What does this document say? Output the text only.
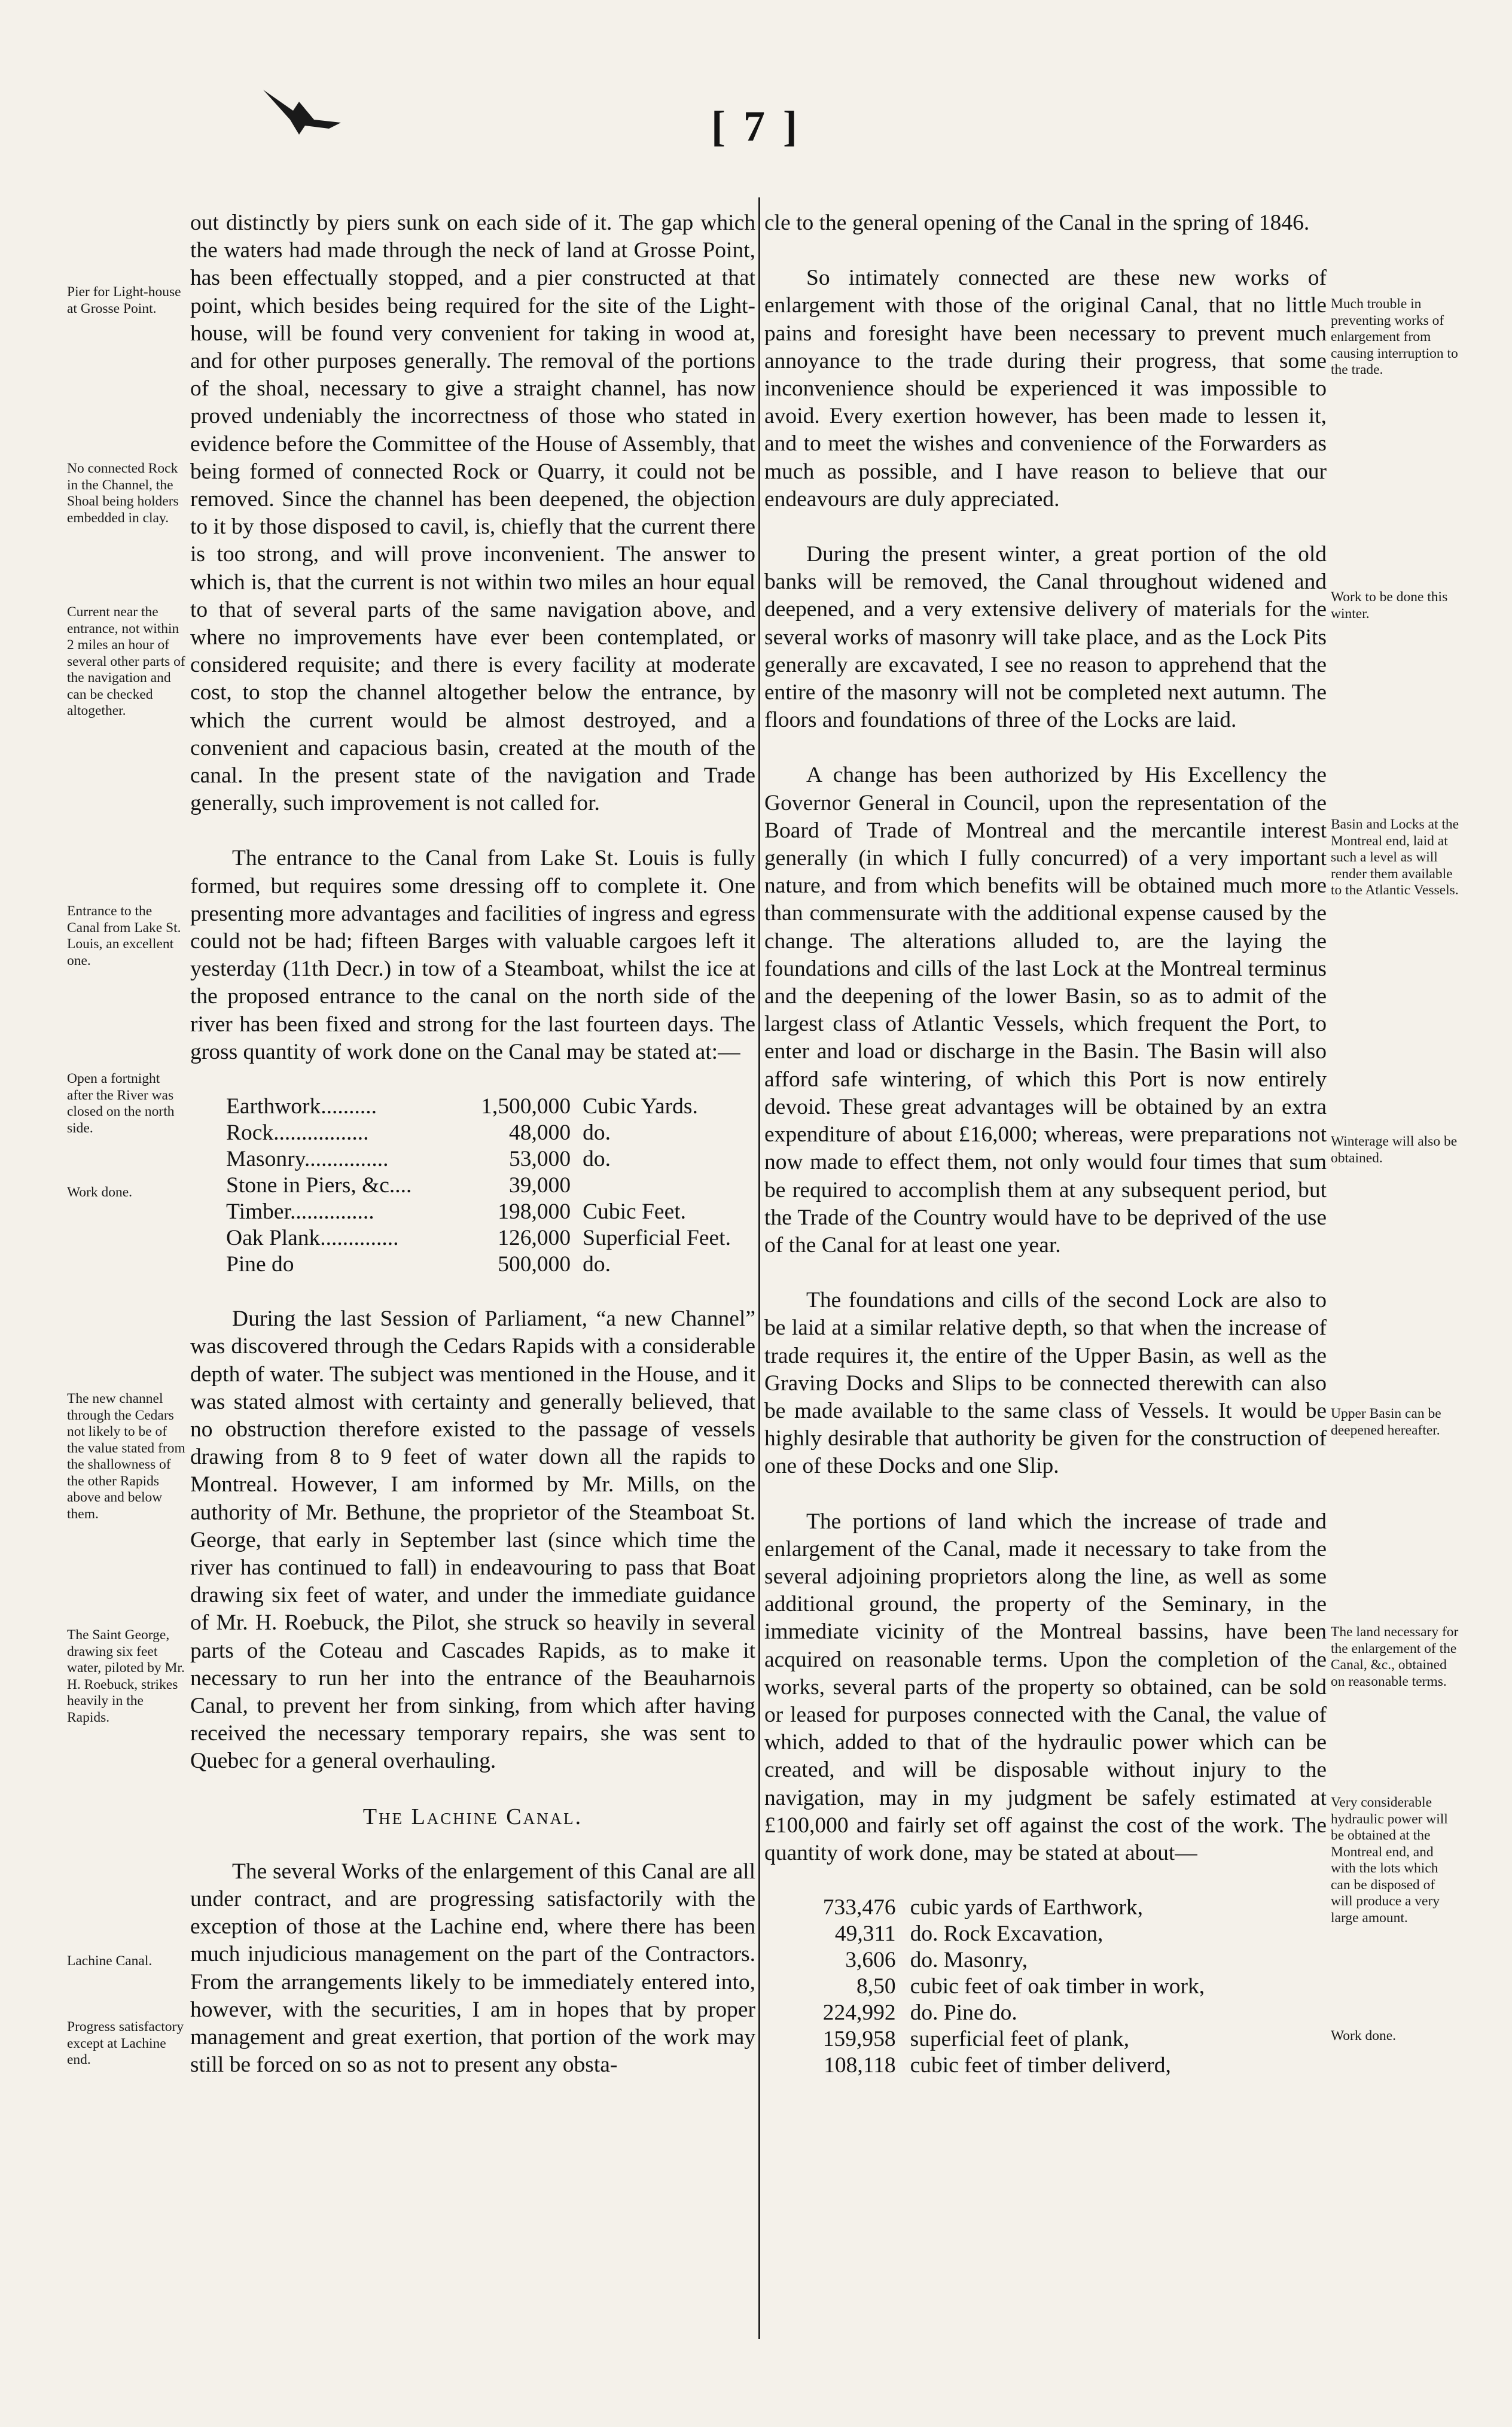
[ 7 ]
Pier for Light-house at Grosse Point.
No connected Rock in the Channel, the Shoal being holders embedded in clay.
Current near the entrance, not within 2 miles an hour of several other parts of the navigation and can be checked altogether.
Entrance to the Canal from Lake St. Louis, an excellent one.
Open a fortnight after the River was closed on the north side.
Work done.
The new channel through the Cedars not likely to be of the value stated from the shallowness of the other Rapids above and below them.
The Saint George, drawing six feet water, piloted by Mr. H. Roebuck, strikes heavily in the Rapids.
Lachine Canal.
Progress satisfactory except at Lachine end.
Much trouble in preventing works of enlargement from causing interruption to the trade.
Work to be done this winter.
Basin and Locks at the Montreal end, laid at such a level as will render them available to the Atlantic Vessels.
Winterage will also be obtained.
Upper Basin can be deepened hereafter.
The land necessary for the enlargement of the Canal, &c., obtained on reasonable terms.
Very considerable hydraulic power will be obtained at the Montreal end, and with the lots which can be disposed of will produce a very large amount.
Work done.

out distinctly by piers sunk on each side of it. The gap which the waters had made through the neck of land at Grosse Point, has been effectually stopped, and a pier constructed at that point, which besides being required for the site of the Light-house, will be found very convenient for taking in wood at, and for other purposes generally. The removal of the portions of the shoal, necessary to give a straight channel, has now proved undeniably the incorrectness of those who stated in evidence before the Committee of the House of Assembly, that being formed of connected Rock or Quarry, it could not be removed. Since the channel has been deepened, the objection to it by those disposed to cavil, is, chiefly that the current there is too strong, and will prove inconvenient. The answer to which is, that the current is not within two miles an hour equal to that of several parts of the same navigation above, and where no improvements have ever been contemplated, or considered requisite; and there is every facility at moderate cost, to stop the channel altogether below the entrance, by which the current would be almost destroyed, and a convenient and capacious basin, created at the mouth of the canal. In the present state of the navigation and Trade generally, such improvement is not called for.

The entrance to the Canal from Lake St. Louis is fully formed, but requires some dressing off to complete it. One presenting more advantages and facilities of ingress and egress could not be had; fifteen Barges with valuable cargoes left it yesterday (11th Decr.) in tow of a Steamboat, whilst the ice at the proposed entrance to the canal on the north side of the river has been fixed and strong for the last fourteen days. The gross quantity of work done on the Canal may be stated at:—

Earthwork..........	1,500,000	Cubic Yards.
Rock.................	48,000	do.
Masonry...............	53,000	do.
Stone in Piers, &c....	39,000	
Timber...............	198,000	Cubic Feet.
Oak Plank..............	126,000	Superficial Feet.
Pine do	500,000	do.

During the last Session of Parliament, “a new Channel” was discovered through the Cedars Rapids with a considerable depth of water. The subject was mentioned in the House, and it was stated almost with certainty and generally believed, that no obstruction therefore existed to the passage of vessels drawing from 8 to 9 feet of water down all the rapids to Montreal. However, I am informed by Mr. Mills, on the authority of Mr. Bethune, the proprietor of the Steamboat St. George, that early in September last (since which time the river has continued to fall) in endeavouring to pass that Boat drawing six feet of water, and under the immediate guidance of Mr. H. Roebuck, the Pilot, she struck so heavily in several parts of the Coteau and Cascades Rapids, as to make it necessary to run her into the entrance of the Beauharnois Canal, to prevent her from sinking, from which after having received the necessary temporary repairs, she was sent to Quebec for a general overhauling.

The Lachine Canal.

The several Works of the enlargement of this Canal are all under contract, and are progressing satisfactorily with the exception of those at the Lachine end, where there has been much injudicious management on the part of the Contractors. From the arrangements likely to be immediately entered into, however, with the securities, I am in hopes that by proper management and great exertion, that portion of the work may still be forced on so as not to present any obsta-

cle to the general opening of the Canal in the spring of 1846.

So intimately connected are these new works of enlargement with those of the original Canal, that no little pains and foresight have been necessary to prevent much annoyance to the trade during their progress, that some inconvenience should be experienced it was impossible to avoid. Every exertion however, has been made to lessen it, and to meet the wishes and convenience of the Forwarders as much as possible, and I have reason to believe that our endeavours are duly appreciated.

During the present winter, a great portion of the old banks will be removed, the Canal throughout widened and deepened, and a very extensive delivery of materials for the several works of masonry will take place, and as the Lock Pits generally are excavated, I see no reason to apprehend that the entire of the masonry will not be completed next autumn. The floors and foundations of three of the Locks are laid.

A change has been authorized by His Excellency the Governor General in Council, upon the representation of the Board of Trade of Montreal and the mercantile interest generally (in which I fully concurred) of a very important nature, and from which benefits will be obtained much more than commensurate with the additional expense caused by the change. The alterations alluded to, are the laying the foundations and cills of the last Lock at the Montreal terminus and the deepening of the lower Basin, so as to admit of the largest class of Atlantic Vessels, which frequent the Port, to enter and load or discharge in the Basin. The Basin will also afford safe wintering, of which this Port is now entirely devoid. These great advantages will be obtained by an extra expenditure of about £16,000; whereas, were preparations not now made to effect them, not only would four times that sum be required to accomplish them at any subsequent period, but the Trade of the Country would have to be deprived of the use of the Canal for at least one year.

The foundations and cills of the second Lock are also to be laid at a similar relative depth, so that when the increase of trade requires it, the entire of the Upper Basin, as well as the Graving Docks and Slips to be connected therewith can also be made available to the same class of Vessels. It would be highly desirable that authority be given for the construction of one of these Docks and one Slip.

The portions of land which the increase of trade and enlargement of the Canal, made it necessary to take from the several adjoining proprietors along the line, as well as some additional ground, the property of the Seminary, in the immediate vicinity of the Montreal bassins, have been acquired on reasonable terms. Upon the completion of the works, several parts of the property so obtained, can be sold or leased for purposes connected with the Canal, the value of which, added to that of the hydraulic power which can be created, and will be disposable without injury to the navigation, may in my judgment be safely estimated at £100,000 and fairly set off against the cost of the work. The quantity of work done, may be stated at about—

733,476	cubic yards of Earthwork,
49,311	do. Rock Excavation,
3,606	do. Masonry,
8,50	cubic feet of oak timber in work,
224,992	do. Pine do.
159,958	superficial feet of plank,
108,118	cubic feet of timber deliverd,
